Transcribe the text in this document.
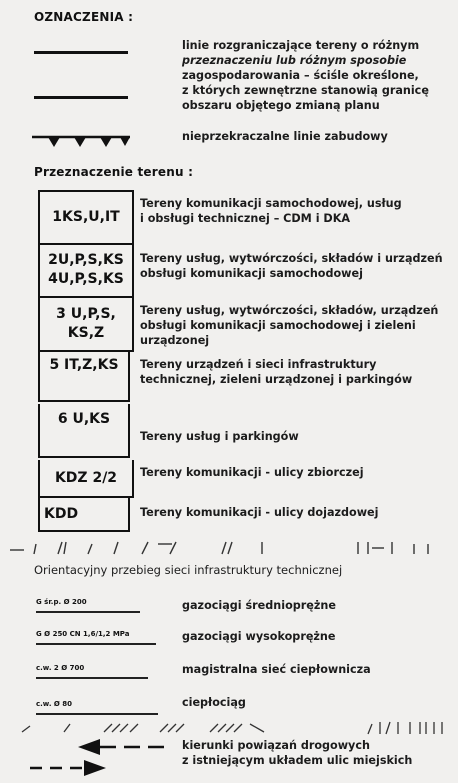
OZNACZENIA :
linie rozgraniczające tereny o różnym
przeznaczeniu lub różnym sposobie
zagospodarowania – ściśle określone,
z których zewnętrzne stanowią granicę
obszaru objętego zmianą planu
nieprzekraczalne linie zabudowy
Przeznaczenie terenu :
1KS,U,IT
Tereny komunikacji samochodowej, usług
i obsługi technicznej – CDM i DKA
2U,P,S,KS
4U,P,S,KS
Tereny usług, wytwórczości, składów i urządzeń
obsługi komunikacji samochodowej
3 U,P,S,
KS,Z
Tereny usług, wytwórczości, składów, urządzeń
obsługi komunikacji samochodowej i zieleni
urządzonej
5 IT,Z,KS Tereny urządzeń i sieci infrastruktury
technicznej, zieleni urządzonej i parkingów
6 U,KS
Tereny usług i parkingów
KDZ 2/2 Tereny komunikacji - ulicy zbiorczej
KDD	Tereny komunikacji - ulicy dojazdowej
Orientacyjny przebieg sieci infrastruktury technicznej
G śr.p. Ø 200	gazociągi średnioprężne
G Ø 250 CN 1,6/1,2 MPa	gazociągi wysokoprężne
c.w. 2 Ø 700	magistralna sieć ciepłownicza
c.w. Ø 80	ciepłociąg
kierunki powiązań drogowych
z istniejącym układem ulic miejskich
